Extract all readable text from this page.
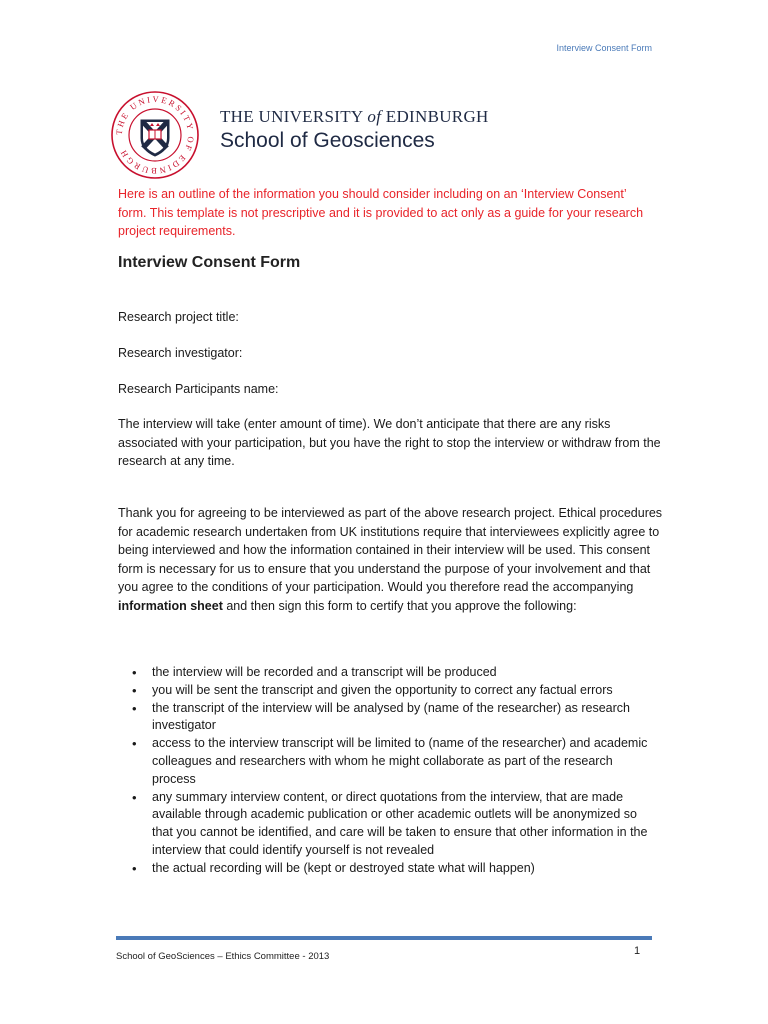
Interview Consent Form
THE UNIVERSITY OF EDINBURGH
THE UNIVERSITY of EDINBURGH
School of Geosciences
Here is an outline of the information you should consider including on an ‘Interview Consent’ form. This template is not prescriptive and it is provided to act only as a guide for your research project requirements.
Interview Consent Form
Research project title:
Research investigator:
Research Participants name:
The interview will take (enter amount of time). We don’t anticipate that there are any risks associated with your participation, but you have the right to stop the interview or withdraw from the research at any time.
Thank you for agreeing to be interviewed as part of the above research project. Ethical procedures for academic research undertaken from UK institutions require that interviewees explicitly agree to being interviewed and how the information contained in their interview will be used. This consent form is necessary for us to ensure that you understand the purpose of your involvement and that you agree to the conditions of your participation. Would you therefore read the accompanying information sheet and then sign this form to certify that you approve the following:
• the interview will be recorded and a transcript will be produced
• you will be sent the transcript and given the opportunity to correct any factual errors
• the transcript of the interview will be analysed by (name of the researcher) as research investigator
• access to the interview transcript will be limited to (name of the researcher) and academic colleagues and researchers with whom he might collaborate as part of the research process
• any summary interview content, or direct quotations from the interview, that are made available through academic publication or other academic outlets will be anonymized so that you cannot be identified, and care will be taken to ensure that other information in the interview that could identify yourself is not revealed
• the actual recording will be (kept or destroyed state what will happen)
1
School of GeoSciences – Ethics Committee - 2013
